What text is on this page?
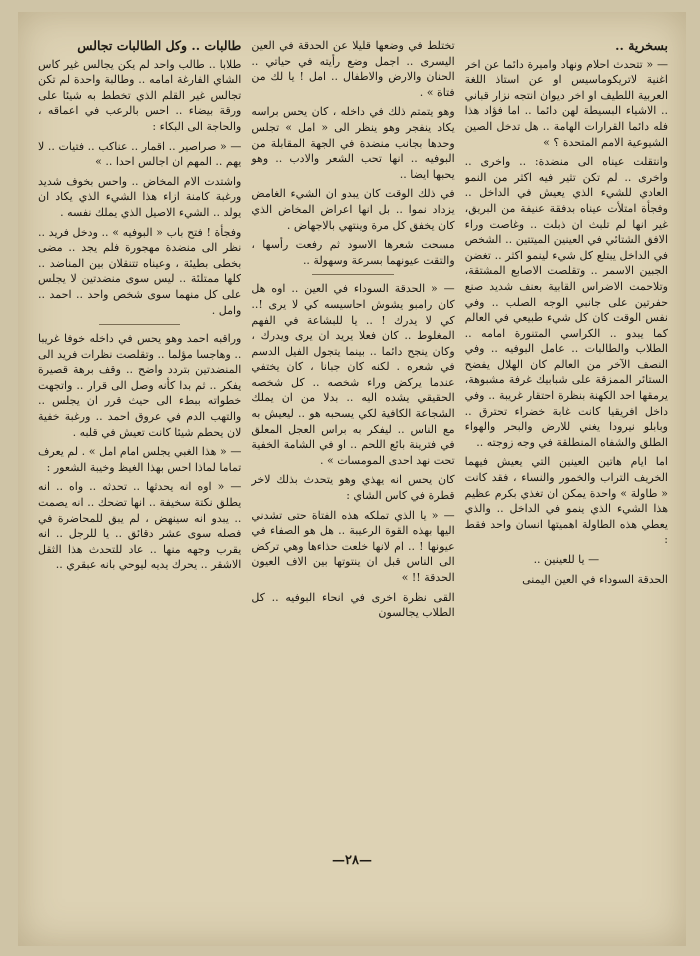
بسخرية ..
— « تتحدث احلام ونهاد واميرة دائما عن اخر اغنية لاتريكوماسيس او عن استاذ اللغة العربية اللطيف او اخر ديوان انتجه نزار قباني .. الاشياء البسيطة لهن دائما .. اما فؤاد هذا فله دائما القرارات الهامة .. هل تدخل الصين الشيوعية الامم المتحدة ؟ »
وانتقلت عيناه الى منضدة: .. واخرى .. واخرى .. لم تكن تثير فيه اكثر من النمو العادي للشيء الذي يعيش في الداخل .. وفجأة امتلأت عيناه بدفقة عنيفة من البريق، غير انها لم تلبث ان ذبلت .. وغاصت وراء الافق الشتائي في العينين الميتتين .. الشخص في الداخل يبتلع كل شيء لينمو اكثر .. تغضن الجبين الاسمر .. وتقلصت الاصابع المشتقة، وتلاحمت الاضراس القابية بعنف شديد صنع حفرتين على جانبي الوجه الصلب .. وفي نفس الوقت كان كل شيء طبيعي في العالم كما يبدو .. الكراسي المتنورة امامه .. الطلاب والطالبات .. عامل البوفيه .. وفي النصف الآخر من العالم كان الهلال يفضح الستائر الممزقة على شبابيك غرفة مشبوهة، يرمقها احد الكهنة بنظرة احتقار غريبة .. وفي داخل افريقيا كانت غابة خضراء تحترق .. وبابلو نيرودا يغني للارض والبحر والهواء الطلق والشفاه المنطلقة في وجه زوجته ..
اما ايام هاتين العينين التي يعيش فيهما الخريف التراب والخمور والنساء ، فقد كانت « طاولة » واحدة يمكن ان تغذي بكرم عظيم هذا الشيء الذي ينمو في الداخل .. والذي يعطي هذه الطاولة اهميتها انسان واحد فقط :
— يا للعينين ..
الحدقة السوداء في العين اليمنى
تختلط في وضعها قليلا عن الحدقة في العين اليسرى .. اجمل وضع رأيته في حياتي .. الحنان والارض والاطفال .. امل ! يا لك من فتاة » .
وهو يتمتم ذلك في داخله ، كان يحس براسه يكاد ينفجر وهو ينظر الى « امل » تجلس وحدها بجانب منضدة في الجهة المقابلة من البوفيه .. انها تحب الشعر والادب .. وهو يحبها ايضا ..
في ذلك الوقت كان يبدو ان الشيء الغامض يزداد نموا .. بل انها اعراض المخاض الذي كان يخفق كل مرة وينتهي بالاجهاض .
مسحت شعرها الاسود ثم رفعت رأسها ، والتقت عيونهما بسرعة وسهولة ..
— « الحدقة السوداء في العين .. اوه هل كان رامبو يشوش احاسيسه كي لا يرى !.. كي لا يدرك ! .. يا للبشاعة في الفهم المغلوط .. كان فعلا يريد ان يرى ويدرك ، وكان ينجح دائما .. بينما يتجول الفيل الدسم في شعره . لكنه كان جبانا ، كان يختفي عندما يركض وراء شخصه .. كل شخصه الحقيقي يشده اليه .. بدلا من ان يملك الشجاعة الكافية لكي يسحبه هو .. ليعيش به مع الناس .. ليفكر به براس العجل المعلق في فترينة بائع اللحم .. او في الشامة الخفية تحت نهد احدى المومسات » .
كان يحس انه يهذي وهو يتحدث بذلك لاخر قطرة في كاس الشاي :
— « يا الذي تملكه هذه الفتاة حتى تشدني اليها بهذه القوة الرعيبة .. هل هو الصفاء في عيونها ! .. ام لانها خلعت حذاءها وهي تركض الى الناس قبل ان ينتوتها بين الاف العيون الحدقة !! »
القى نظرة اخرى في انحاء البوفيه .. كل الطلاب يجالسون
طالبات .. وكل الطالبات تجالس
طلابا .. طالب واحد لم يكن يجالس غير كاس الشاي الفارغة امامه .. وطالبة واحدة لم تكن تجالس غير القلم الذي تخطط به شيئا على ورقة بيضاء .. احس بالرعب في اعماقه ، والحاجة الى البكاء :
— « صراصير .. اقمار .. عناكب .. فتيات .. لا يهم .. المهم ان اجالس احدا .. »
واشتدت الام المخاض .. واحس بخوف شديد ورغبة كامنة ازاء هذا الشيء الذي يكاد ان يولد .. الشيء الاصيل الذي يملك نفسه .
وفجأة ! فتح باب « البوفيه » .. ودخل فريد .. نظر الى منضدة مهجورة فلم يجد .. مضى بخطى بطيئة ، وعيناه تتنقلان بين المناضد .. كلها ممتلئة .. ليس سوى منضدتين لا يجلس على كل منهما سوى شخص واحد .. احمد .. وامل .
وراقبه احمد وهو يحس في داخله خوفا غريبا .. وهاجسا مؤلما .. وتقلصت نظرات فريد الى المنضدتين بتردد واضح .. وقف برهة قصيرة يفكر .. ثم بدا كأنه وصل الى قرار .. واتجهت خطواته ببطء الى حيث قرر ان يجلس .. والتهب الدم في عروق احمد .. ورغبة خفية لان يحطم شيئا كانت تعيش في قلبه .
— « هذا الغبي يجلس امام امل » . لم يعرف تماما لماذا احس بهذا الغيظ وخيبة الشعور :
— « اوه انه يحدثها .. تحدثه .. واه .. انه يطلق نكتة سخيفة .. انها تضحك .. انه يصمت .. يبدو انه سينهض ، لم يبق للمحاضرة في فصله سوى عشر دقائق .. يا للرجل .. انه يقرب وجهه منها .. عاد للتحدث هذا الثقل الاشقر .. يحرك يديه ليوحي بانه عبقري ..
—٢٨—
